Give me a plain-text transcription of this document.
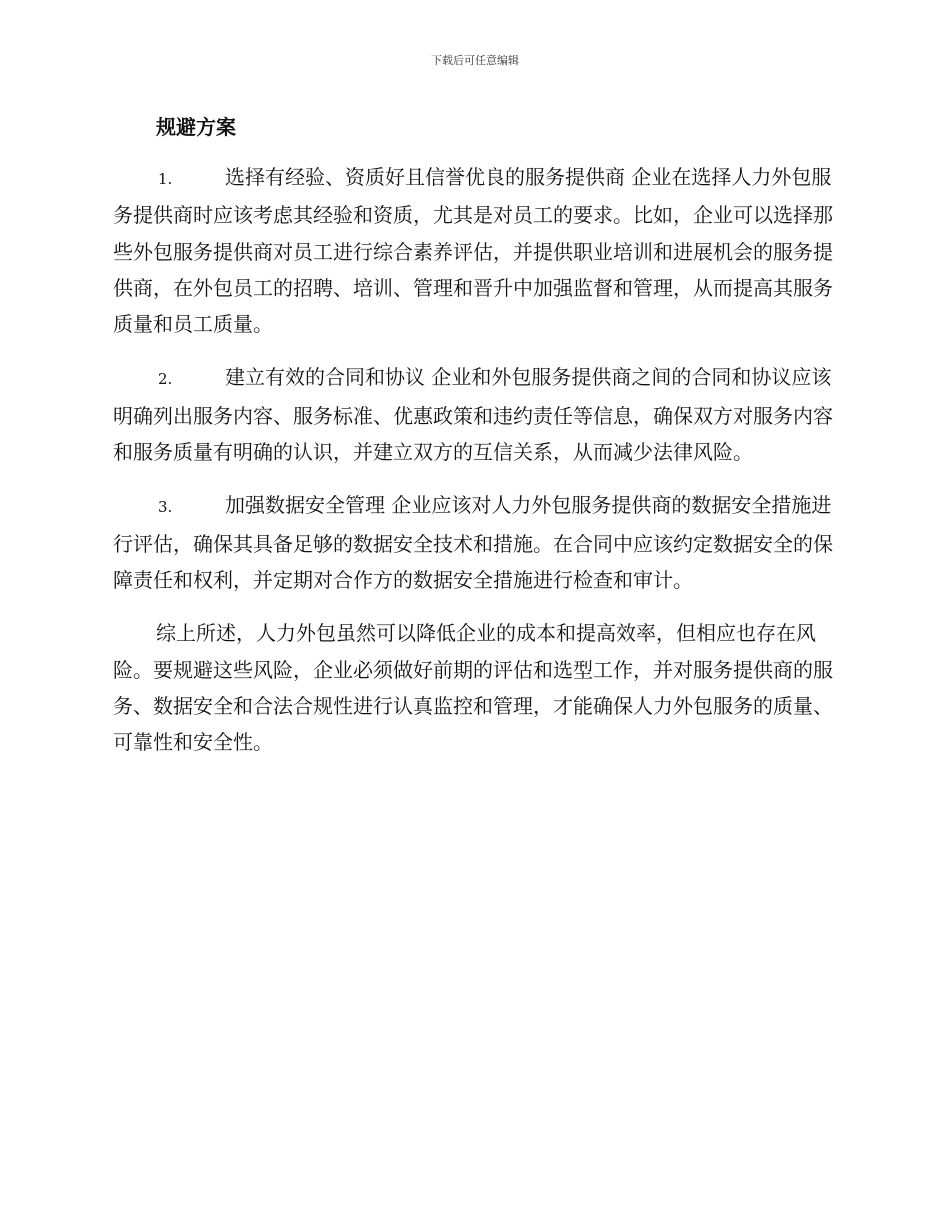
下载后可任意编辑
规避方案

1.	选择有经验、资质好且信誉优良的服务提供商 企业在选择人力外包服务提供商时应该考虑其经验和资质，尤其是对员工的要求。比如，企业可以选择那些外包服务提供商对员工进行综合素养评估，并提供职业培训和进展机会的服务提供商，在外包员工的招聘、培训、管理和晋升中加强监督和管理，从而提高其服务质量和员工质量。

2.	建立有效的合同和协议 企业和外包服务提供商之间的合同和协议应该明确列出服务内容、服务标准、优惠政策和违约责任等信息，确保双方对服务内容和服务质量有明确的认识，并建立双方的互信关系，从而减少法律风险。

3.	加强数据安全管理 企业应该对人力外包服务提供商的数据安全措施进行评估，确保其具备足够的数据安全技术和措施。在合同中应该约定数据安全的保障责任和权利，并定期对合作方的数据安全措施进行检查和审计。

综上所述，人力外包虽然可以降低企业的成本和提高效率，但相应也存在风险。要规避这些风险，企业必须做好前期的评估和选型工作，并对服务提供商的服务、数据安全和合法合规性进行认真监控和管理，才能确保人力外包服务的质量、可靠性和安全性。
